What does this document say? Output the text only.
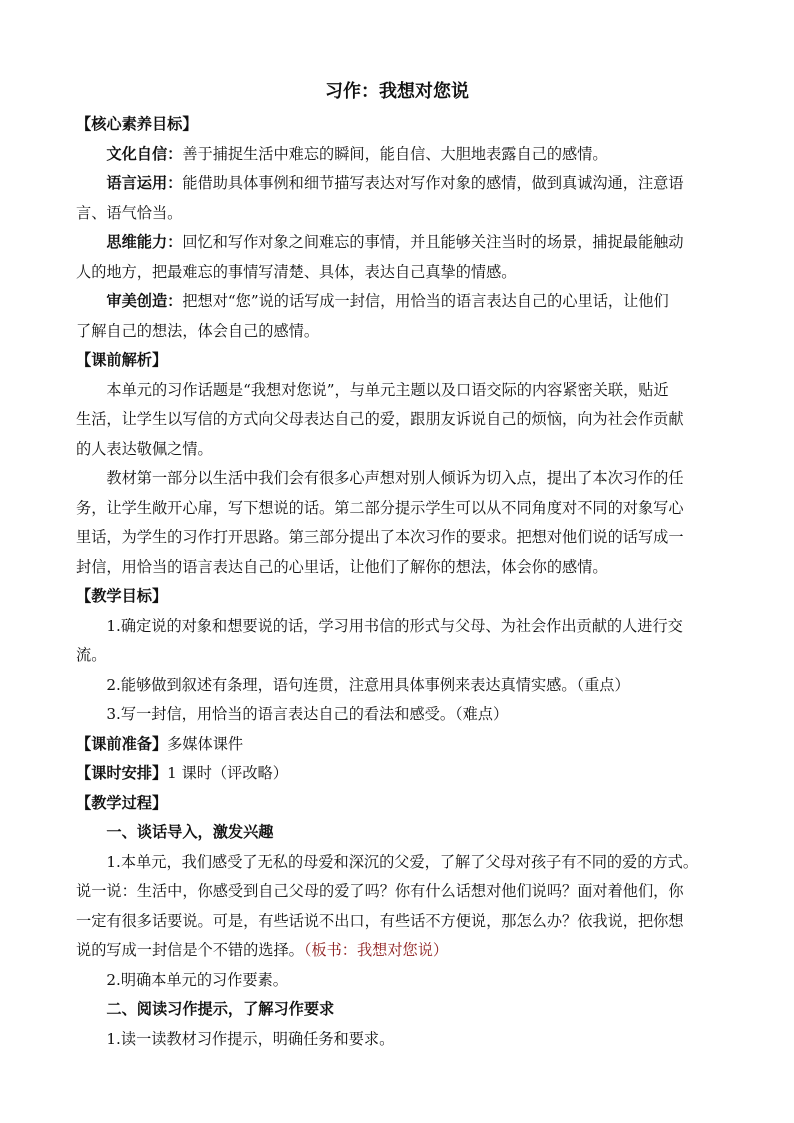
习作：我想对您说

【核心素养目标】

文化自信：善于捕捉生活中难忘的瞬间，能自信、大胆地表露自己的感情。

语言运用：能借助具体事例和细节描写表达对写作对象的感情，做到真诚沟通，注意语

言、语气恰当。

思维能力：回忆和写作对象之间难忘的事情，并且能够关注当时的场景，捕捉最能触动

人的地方，把最难忘的事情写清楚、具体，表达自己真挚的情感。

审美创造：把想对“您”说的话写成一封信，用恰当的语言表达自己的心里话，让他们

了解自己的想法，体会自己的感情。

【课前解析】

本单元的习作话题是“我想对您说”，与单元主题以及口语交际的内容紧密关联，贴近

生活，让学生以写信的方式向父母表达自己的爱，跟朋友诉说自己的烦恼，向为社会作贡献

的人表达敬佩之情。

教材第一部分以生活中我们会有很多心声想对别人倾诉为切入点，提出了本次习作的任

务，让学生敞开心扉，写下想说的话。第二部分提示学生可以从不同角度对不同的对象写心

里话，为学生的习作打开思路。第三部分提出了本次习作的要求。把想对他们说的话写成一

封信，用恰当的语言表达自己的心里话，让他们了解你的想法，体会你的感情。

【教学目标】

1.确定说的对象和想要说的话，学习用书信的形式与父母、为社会作出贡献的人进行交

流。

2.能够做到叙述有条理，语句连贯，注意用具体事例来表达真情实感。（重点）

3.写一封信，用恰当的语言表达自己的看法和感受。（难点）

【课前准备】多媒体课件

【课时安排】1 课时（评改略）

【教学过程】

一、谈话导入，激发兴趣

1.本单元，我们感受了无私的母爱和深沉的父爱，了解了父母对孩子有不同的爱的方式。

说一说：生活中，你感受到自己父母的爱了吗？你有什么话想对他们说吗？面对着他们，你

一定有很多话要说。可是，有些话说不出口，有些话不方便说，那怎么办？依我说，把你想

说的写成一封信是个不错的选择。（板书：我想对您说）

2.明确本单元的习作要素。

二、阅读习作提示，了解习作要求

1.读一读教材习作提示，明确任务和要求。
